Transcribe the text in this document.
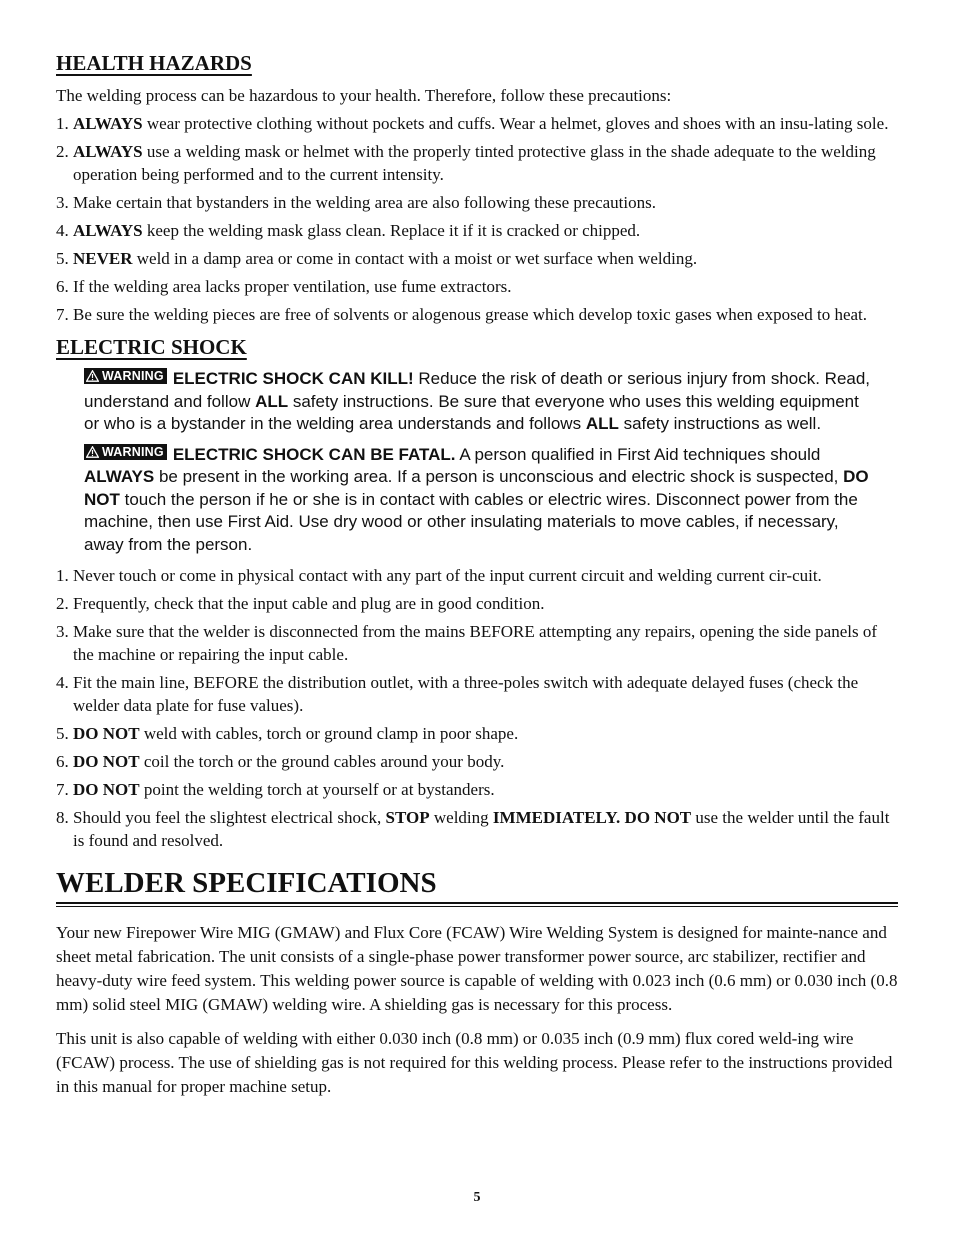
HEALTH HAZARDS

The welding process can be hazardous to your health. Therefore, follow these precautions:

1. ALWAYS wear protective clothing without pockets and cuffs. Wear a helmet, gloves and shoes with an insu-lating sole.
2. ALWAYS use a welding mask or helmet with the properly tinted protective glass in the shade adequate to the welding operation being performed and to the current intensity.
3. Make certain that bystanders in the welding area are also following these precautions.
4. ALWAYS keep the welding mask glass clean. Replace it if it is cracked or chipped.
5. NEVER weld in a damp area or come in contact with a moist or wet surface when welding.
6. If the welding area lacks proper ventilation, use fume extractors.
7. Be sure the welding pieces are free of solvents or alogenous grease which develop toxic gases when exposed to heat.
ELECTRIC SHOCK
WARNING ELECTRIC SHOCK CAN KILL! Reduce the risk of death or serious injury from shock. Read, understand and follow ALL safety instructions. Be sure that everyone who uses this welding equipment or who is a bystander in the welding area understands and follows ALL safety instructions as well.
WARNING ELECTRIC SHOCK CAN BE FATAL. A person qualified in First Aid techniques should ALWAYS be present in the working area. If a person is unconscious and electric shock is suspected, DO NOT touch the person if he or she is in contact with cables or electric wires. Disconnect power from the machine, then use First Aid. Use dry wood or other insulating materials to move cables, if necessary, away from the person.
1. Never touch or come in physical contact with any part of the input current circuit and welding current cir-cuit.
2. Frequently, check that the input cable and plug are in good condition.
3. Make sure that the welder is disconnected from the mains BEFORE attempting any repairs, opening the side panels of the machine or repairing the input cable.
4. Fit the main line, BEFORE the distribution outlet, with a three-poles switch with adequate delayed fuses (check the welder data plate for fuse values).
5. DO NOT weld with cables, torch or ground clamp in poor shape.
6. DO NOT coil the torch or the ground cables around your body.
7. DO NOT point the welding torch at yourself or at bystanders.
8. Should you feel the slightest electrical shock, STOP welding IMMEDIATELY. DO NOT use the welder until the fault is found and resolved.
WELDER SPECIFICATIONS

Your new Firepower Wire MIG (GMAW) and Flux Core (FCAW) Wire Welding System is designed for mainte-nance and sheet metal fabrication. The unit consists of a single-phase power transformer power source, arc stabilizer, rectifier and heavy-duty wire feed system. This welding power source is capable of welding with 0.023 inch (0.6 mm) or 0.030 inch (0.8 mm) solid steel MIG (GMAW) welding wire. A shielding gas is necessary for this process.

This unit is also capable of welding with either 0.030 inch (0.8 mm) or 0.035 inch (0.9 mm) flux cored weld-ing wire (FCAW) process. The use of shielding gas is not required for this welding process. Please refer to the instructions provided in this manual for proper machine setup.

5
